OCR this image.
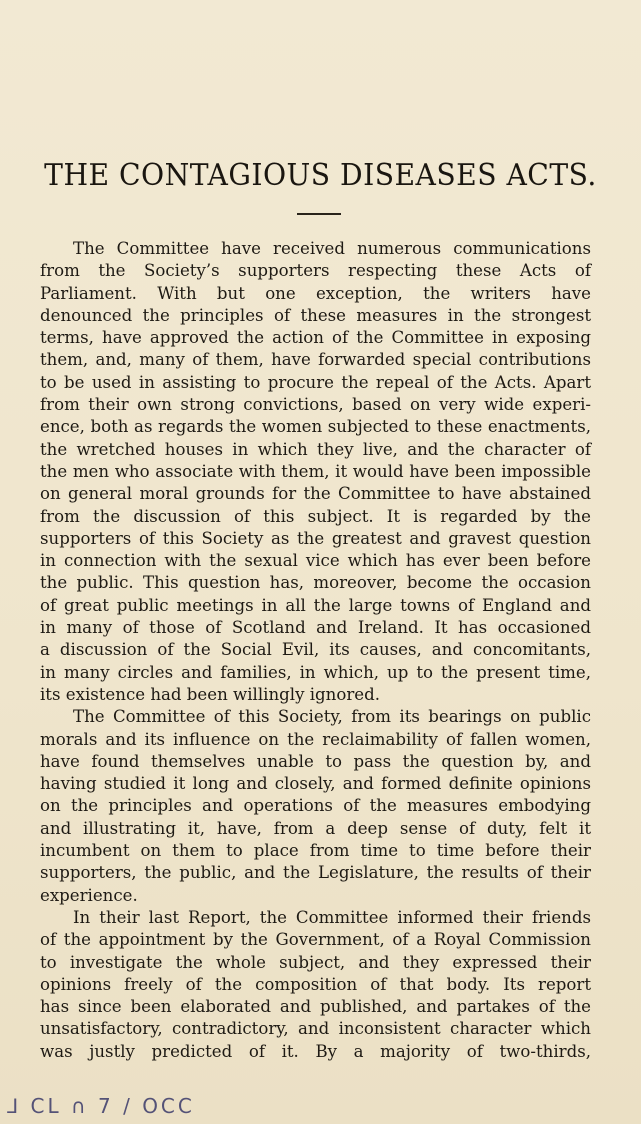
THE CONTAGIOUS DISEASES ACTS.
The Committee have received numerous communications
from the Society’s supporters respecting these Acts of
Parliament. With but one exception, the writers have
denounced the principles of these measures in the strongest
terms, have approved the action of the Committee in exposing
them, and, many of them, have forwarded special contributions
to be used in assisting to procure the repeal of the Acts. Apart
from their own strong convictions, based on very wide experi-
ence, both as regards the women subjected to these enactments,
the wretched houses in which they live, and the character of
the men who associate with them, it would have been impossible
on general moral grounds for the Committee to have abstained
from the discussion of this subject. It is regarded by the
supporters of this Society as the greatest and gravest question
in connection with the sexual vice which has ever been before
the public. This question has, moreover, become the occasion
of great public meetings in all the large towns of England and
in many of those of Scotland and Ireland. It has occasioned
a discussion of the Social Evil, its causes, and concomitants,
in many circles and families, in which, up to the present time,
its existence had been willingly ignored.
The Committee of this Society, from its bearings on public
morals and its influence on the reclaimability of fallen women,
have found themselves unable to pass the question by, and
having studied it long and closely, and formed definite opinions
on the principles and operations of the measures embodying
and illustrating it, have, from a deep sense of duty, felt it
incumbent on them to place from time to time before their
supporters, the public, and the Legislature, the results of their
experience.
In their last Report, the Committee informed their friends
of the appointment by the Government, of a Royal Commission
to investigate the whole subject, and they expressed their
opinions freely of the composition of that body. Its report
has since been elaborated and published, and partakes of the
unsatisfactory, contradictory, and inconsistent character which
was justly predicted of it. By a majority of two-thirds,
ᒧ CL ∩ 7 / OCC
